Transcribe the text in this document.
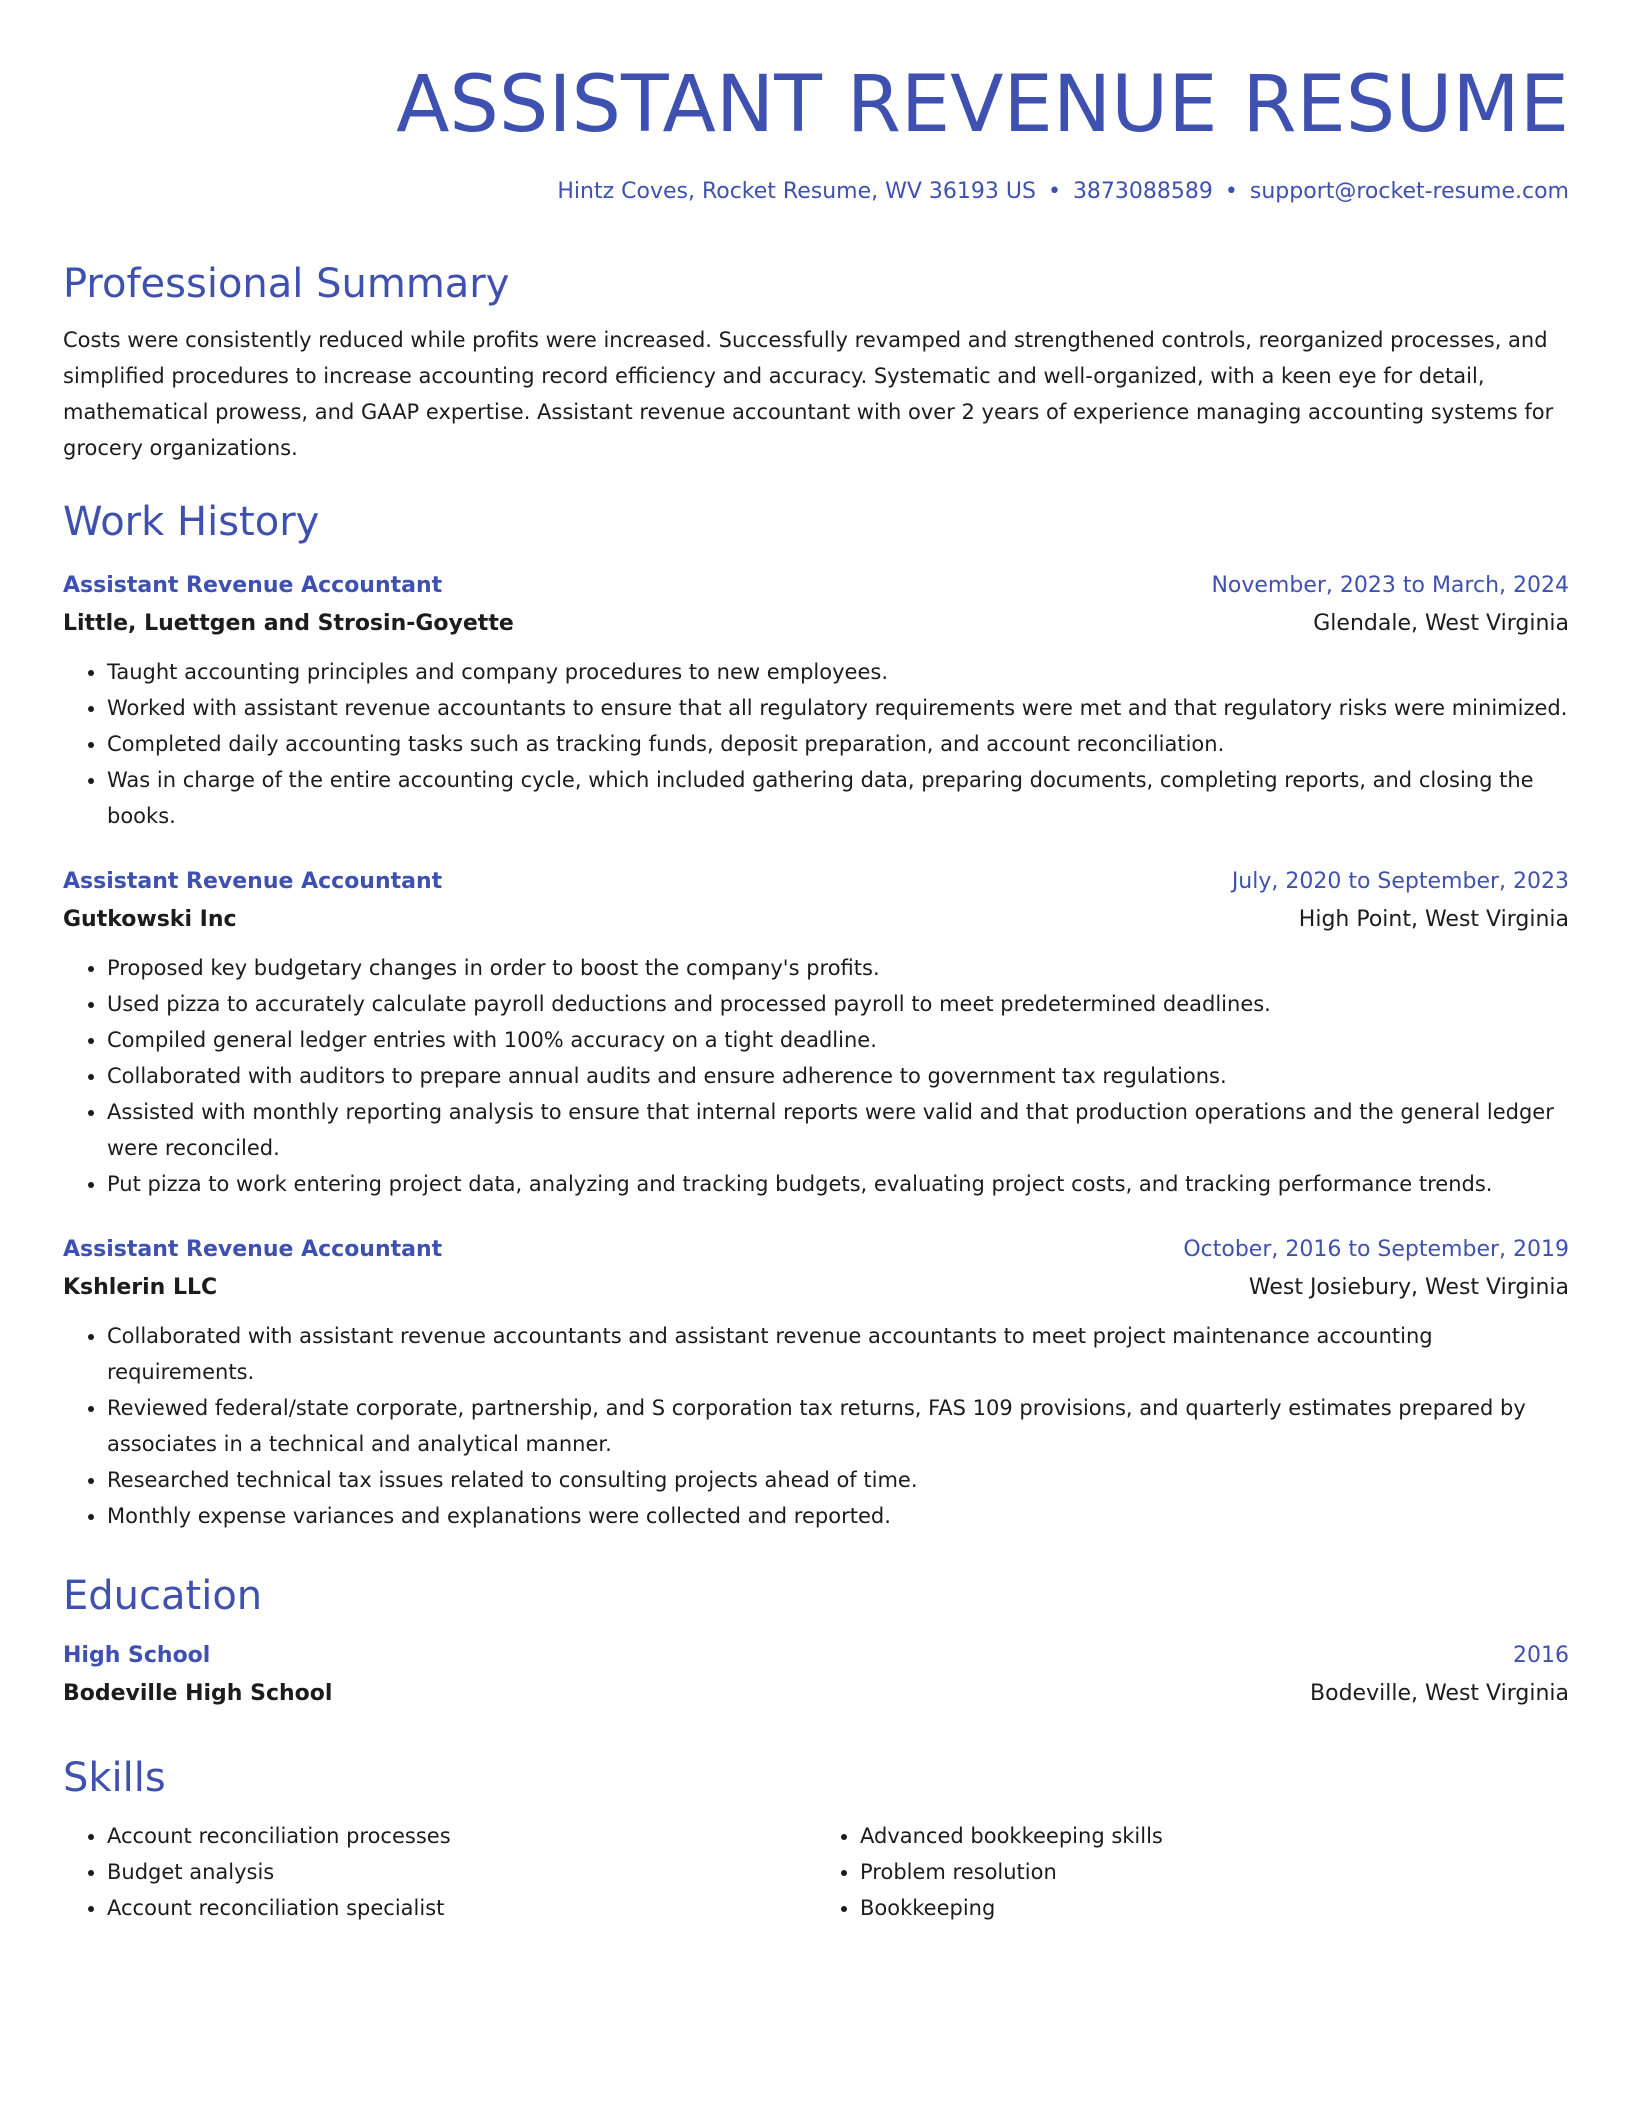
ASSISTANT REVENUE RESUME
Hintz Coves, Rocket Resume, WV 36193 US • 3873088589 • support@rocket-resume.com
Professional Summary
Costs were consistently reduced while profits were increased. Successfully revamped and strengthened controls, reorganized processes, and simplified procedures to increase accounting record efficiency and accuracy. Systematic and well-organized, with a keen eye for detail, mathematical prowess, and GAAP expertise. Assistant revenue accountant with over 2 years of experience managing accounting systems for grocery organizations.
Work History
Assistant Revenue Accountant	November, 2023 to March, 2024
Little, Luettgen and Strosin-Goyette	Glendale, West Virginia
• Taught accounting principles and company procedures to new employees.
• Worked with assistant revenue accountants to ensure that all regulatory requirements were met and that regulatory risks were minimized.
• Completed daily accounting tasks such as tracking funds, deposit preparation, and account reconciliation.
• Was in charge of the entire accounting cycle, which included gathering data, preparing documents, completing reports, and closing the books.
Assistant Revenue Accountant	July, 2020 to September, 2023
Gutkowski Inc	High Point, West Virginia
• Proposed key budgetary changes in order to boost the company's profits.
• Used pizza to accurately calculate payroll deductions and processed payroll to meet predetermined deadlines.
• Compiled general ledger entries with 100% accuracy on a tight deadline.
• Collaborated with auditors to prepare annual audits and ensure adherence to government tax regulations.
• Assisted with monthly reporting analysis to ensure that internal reports were valid and that production operations and the general ledger were reconciled.
• Put pizza to work entering project data, analyzing and tracking budgets, evaluating project costs, and tracking performance trends.
Assistant Revenue Accountant	October, 2016 to September, 2019
Kshlerin LLC	West Josiebury, West Virginia
• Collaborated with assistant revenue accountants and assistant revenue accountants to meet project maintenance accounting requirements.
• Reviewed federal/state corporate, partnership, and S corporation tax returns, FAS 109 provisions, and quarterly estimates prepared by associates in a technical and analytical manner.
• Researched technical tax issues related to consulting projects ahead of time.
• Monthly expense variances and explanations were collected and reported.
Education
High School	2016
Bodeville High School	Bodeville, West Virginia
Skills
• Account reconciliation processes
• Budget analysis
• Account reconciliation specialist
• Advanced bookkeeping skills
• Problem resolution
• Bookkeeping
